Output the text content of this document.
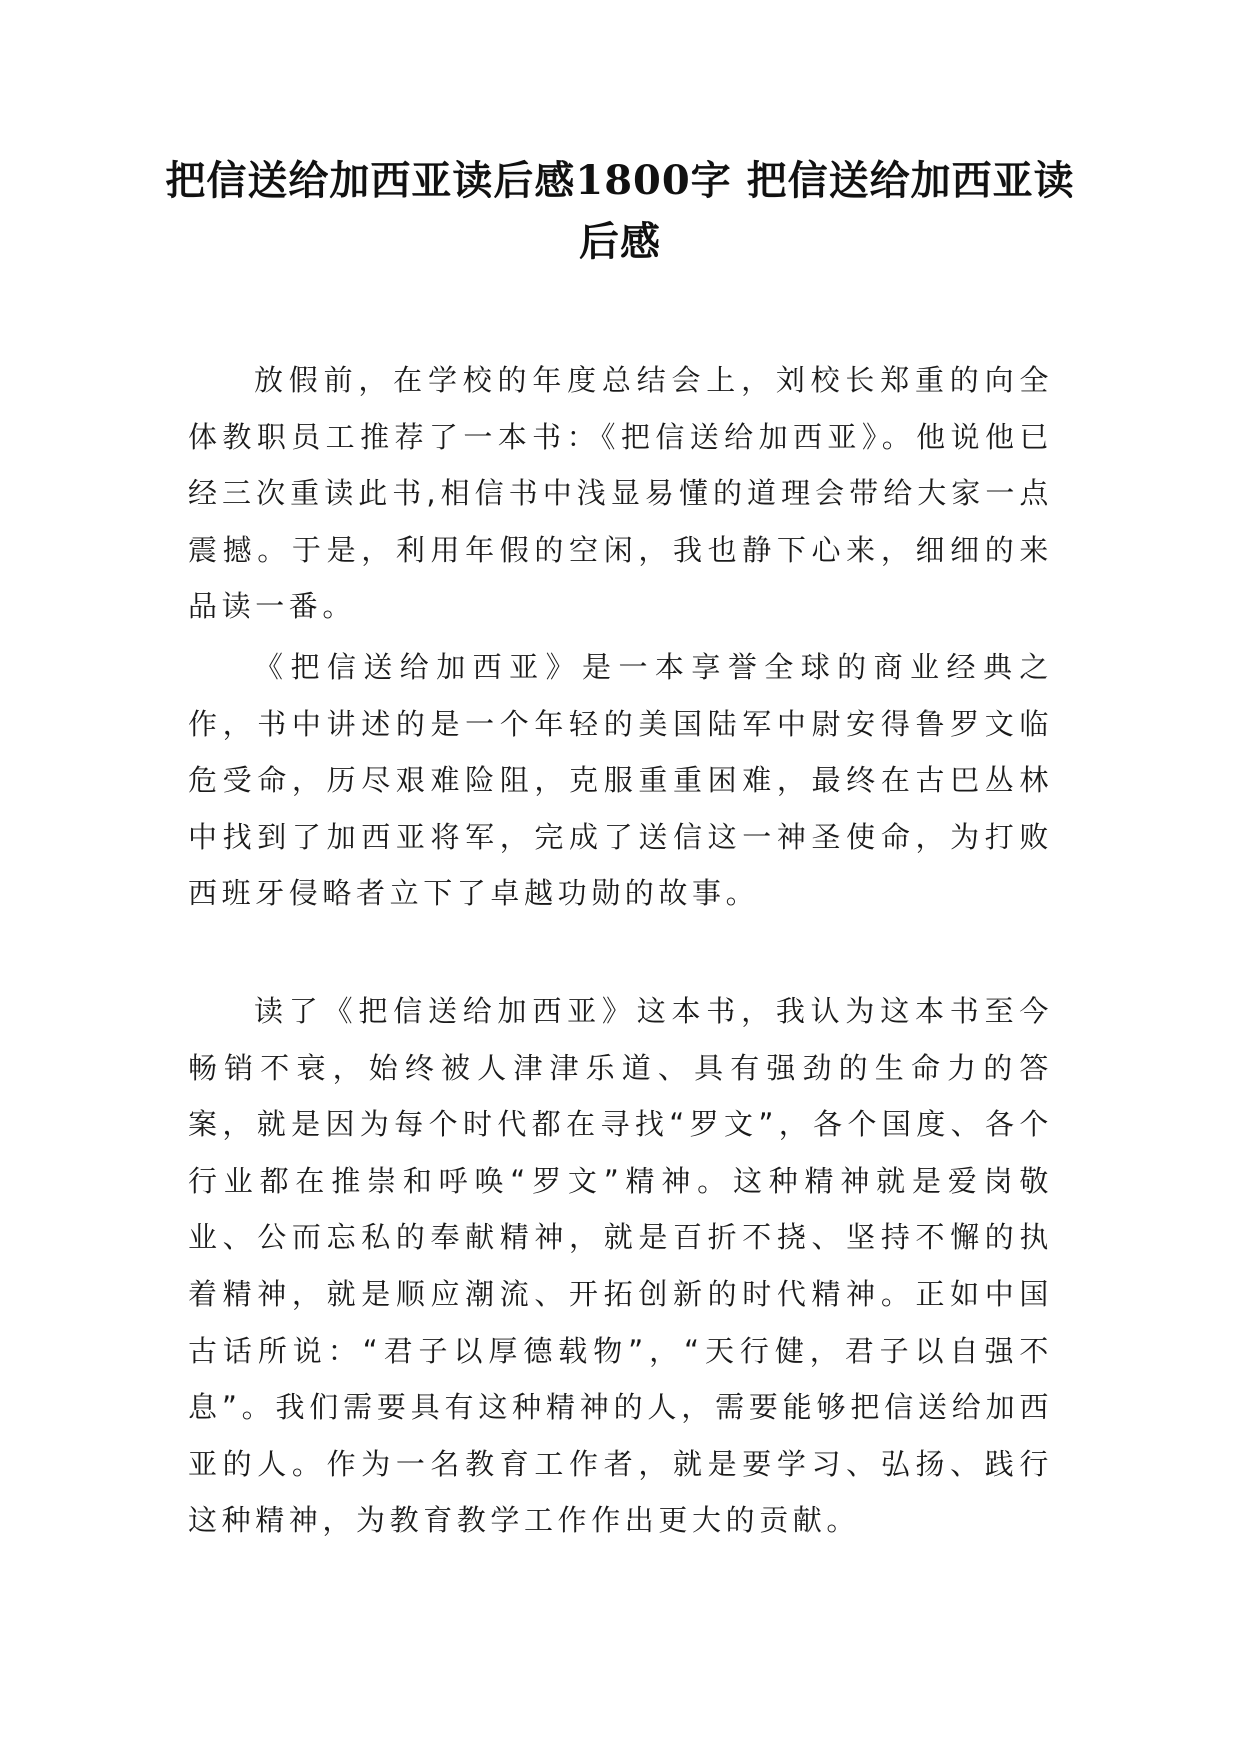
把信送给加西亚读后感1800字 把信送给加西亚读后感

放假前，在学校的年度总结会上，刘校长郑重的向全体教职员工推荐了一本书：《把信送给加西亚》。他说他已经三次重读此书,相信书中浅显易懂的道理会带给大家一点震撼。于是，利用年假的空闲，我也静下心来，细细的来品读一番。

《把信送给加西亚》是一本享誉全球的商业经典之作，书中讲述的是一个年轻的美国陆军中尉安得鲁罗文临危受命，历尽艰难险阻，克服重重困难，最终在古巴丛林中找到了加西亚将军，完成了送信这一神圣使命，为打败西班牙侵略者立下了卓越功勋的故事。

读了《把信送给加西亚》这本书，我认为这本书至今畅销不衰，始终被人津津乐道、具有强劲的生命力的答案，就是因为每个时代都在寻找“罗文”，各个国度、各个行业都在推崇和呼唤“罗文”精神。这种精神就是爱岗敬业、公而忘私的奉献精神，就是百折不挠、坚持不懈的执着精神，就是顺应潮流、开拓创新的时代精神。正如中国古话所说：“君子以厚德载物”，“天行健，君子以自强不息”。我们需要具有这种精神的人，需要能够把信送给加西亚的人。作为一名教育工作者，就是要学习、弘扬、践行这种精神，为教育教学工作作出更大的贡献。
